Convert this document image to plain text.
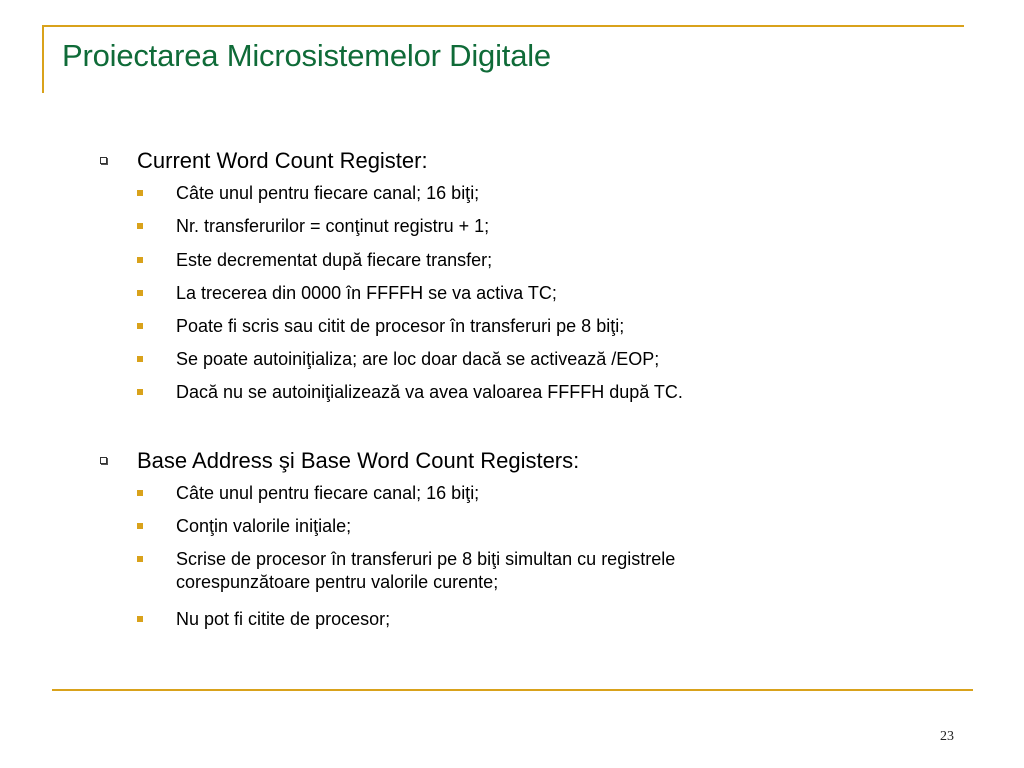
Proiectarea Microsistemelor Digitale
Current Word Count Register:
Câte unul pentru fiecare canal; 16 biţi;
Nr. transferurilor = conţinut registru + 1;
Este decrementat după fiecare transfer;
La trecerea din 0000 în FFFFH se va activa TC;
Poate fi scris sau citit de procesor în transferuri pe 8 biţi;
Se poate autoiniţializa; are loc doar dacă se activează /EOP;
Dacă nu se autoiniţializează va avea valoarea FFFFH după TC.
Base Address şi Base Word Count Registers:
Câte unul pentru fiecare canal; 16 biţi;
Conţin valorile iniţiale;
Scrise de procesor în transferuri pe 8 biţi simultan cu registrele
corespunzătoare pentru valorile curente;
Nu pot fi citite de procesor;
23
